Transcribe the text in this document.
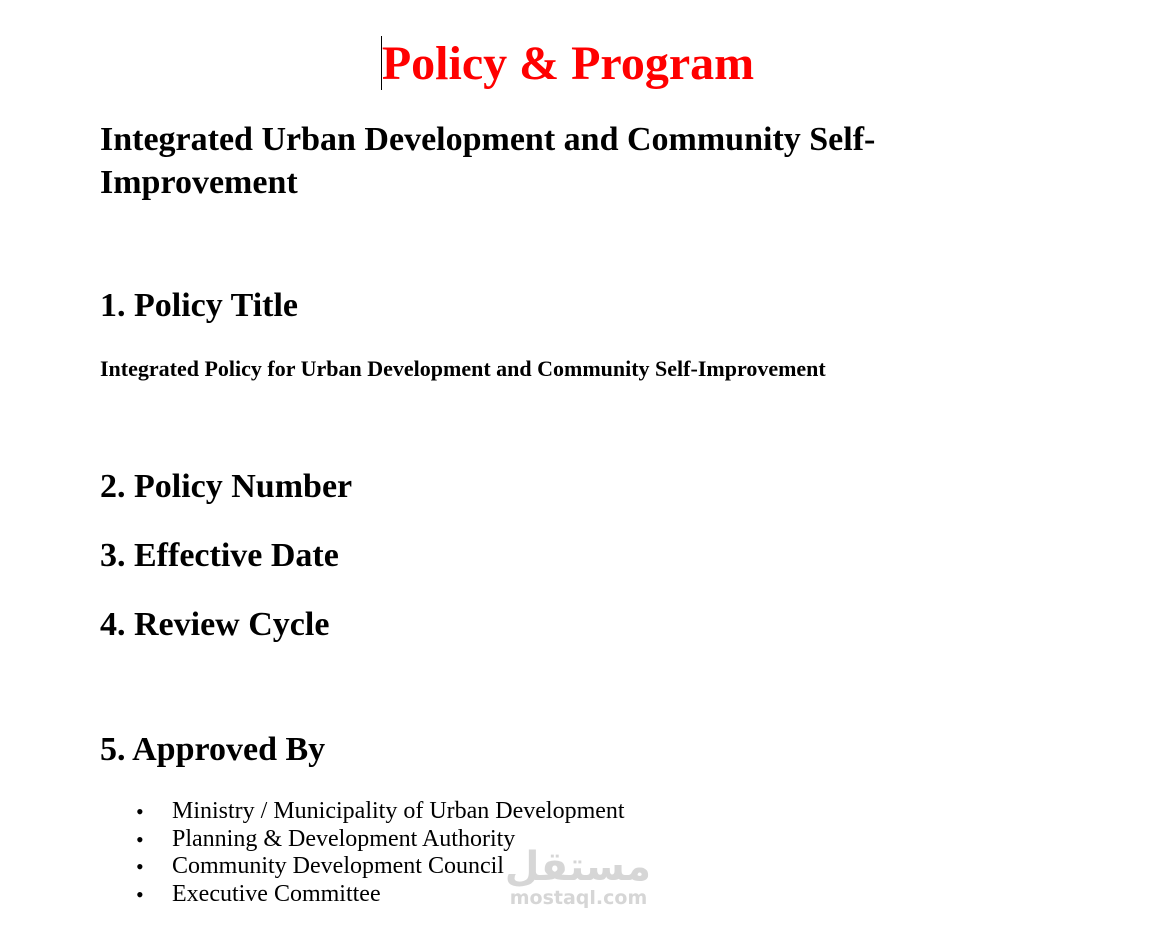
Policy & Program
Integrated Urban Development and Community Self-Improvement
1. Policy Title
Integrated Policy for Urban Development and Community Self-Improvement
2. Policy Number
3. Effective Date
4. Review Cycle
5. Approved By
• Ministry / Municipality of Urban Development
• Planning & Development Authority
• Community Development Council
• Executive Committee
مستقل
mostaql.com
